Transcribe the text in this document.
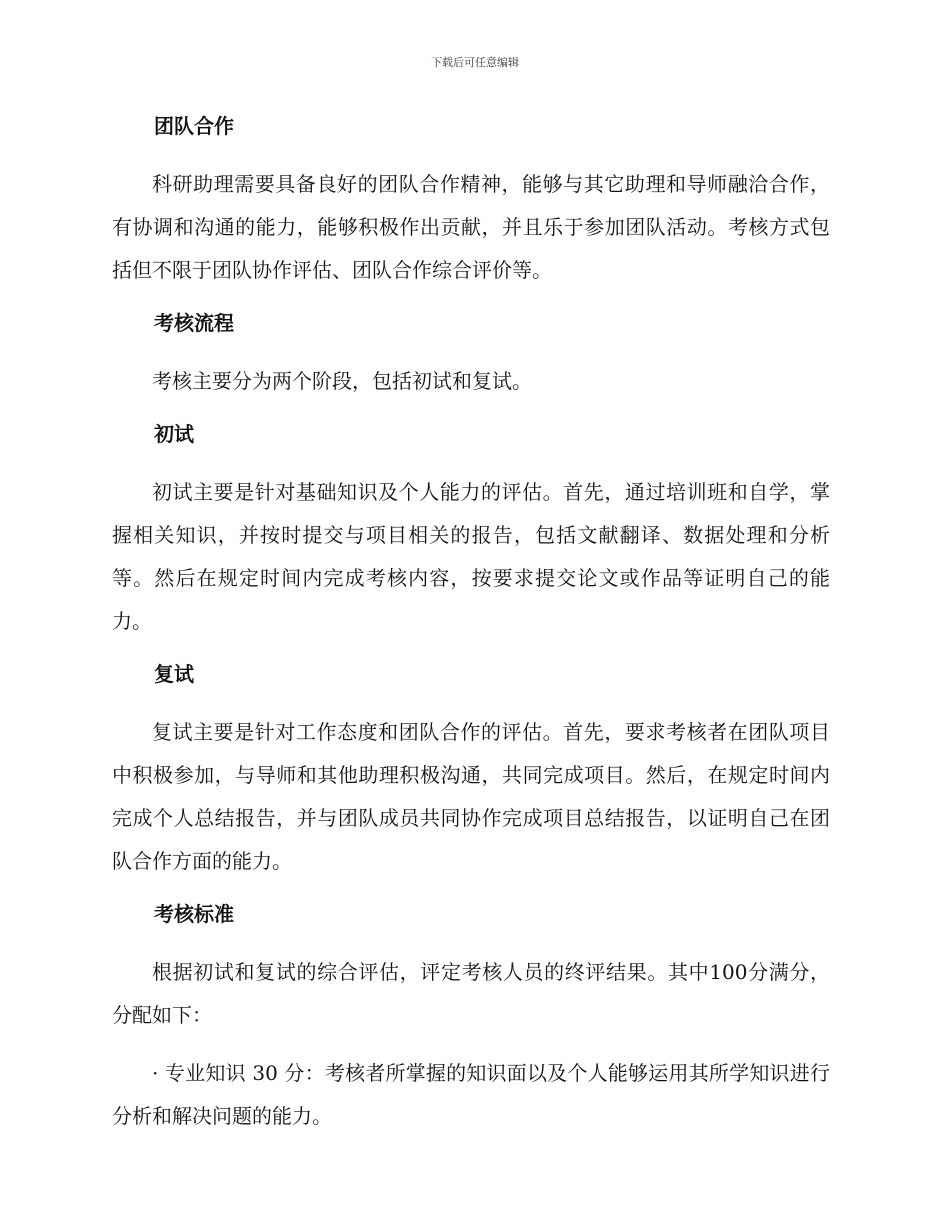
下载后可任意编辑
团队合作

科研助理需要具备良好的团队合作精神，能够与其它助理和导师融洽合作，有协调和沟通的能力，能够积极作出贡献，并且乐于参加团队活动。考核方式包括但不限于团队协作评估、团队合作综合评价等。

考核流程

考核主要分为两个阶段，包括初试和复试。

初试

初试主要是针对基础知识及个人能力的评估。首先，通过培训班和自学，掌握相关知识，并按时提交与项目相关的报告，包括文献翻译、数据处理和分析等。然后在规定时间内完成考核内容，按要求提交论文或作品等证明自己的能力。

复试

复试主要是针对工作态度和团队合作的评估。首先，要求考核者在团队项目中积极参加，与导师和其他助理积极沟通，共同完成项目。然后，在规定时间内完成个人总结报告，并与团队成员共同协作完成项目总结报告，以证明自己在团队合作方面的能力。

考核标准

根据初试和复试的综合评估，评定考核人员的终评结果。其中100分满分，分配如下：

· 专业知识 30 分：考核者所掌握的知识面以及个人能够运用其所学知识进行分析和解决问题的能力。
